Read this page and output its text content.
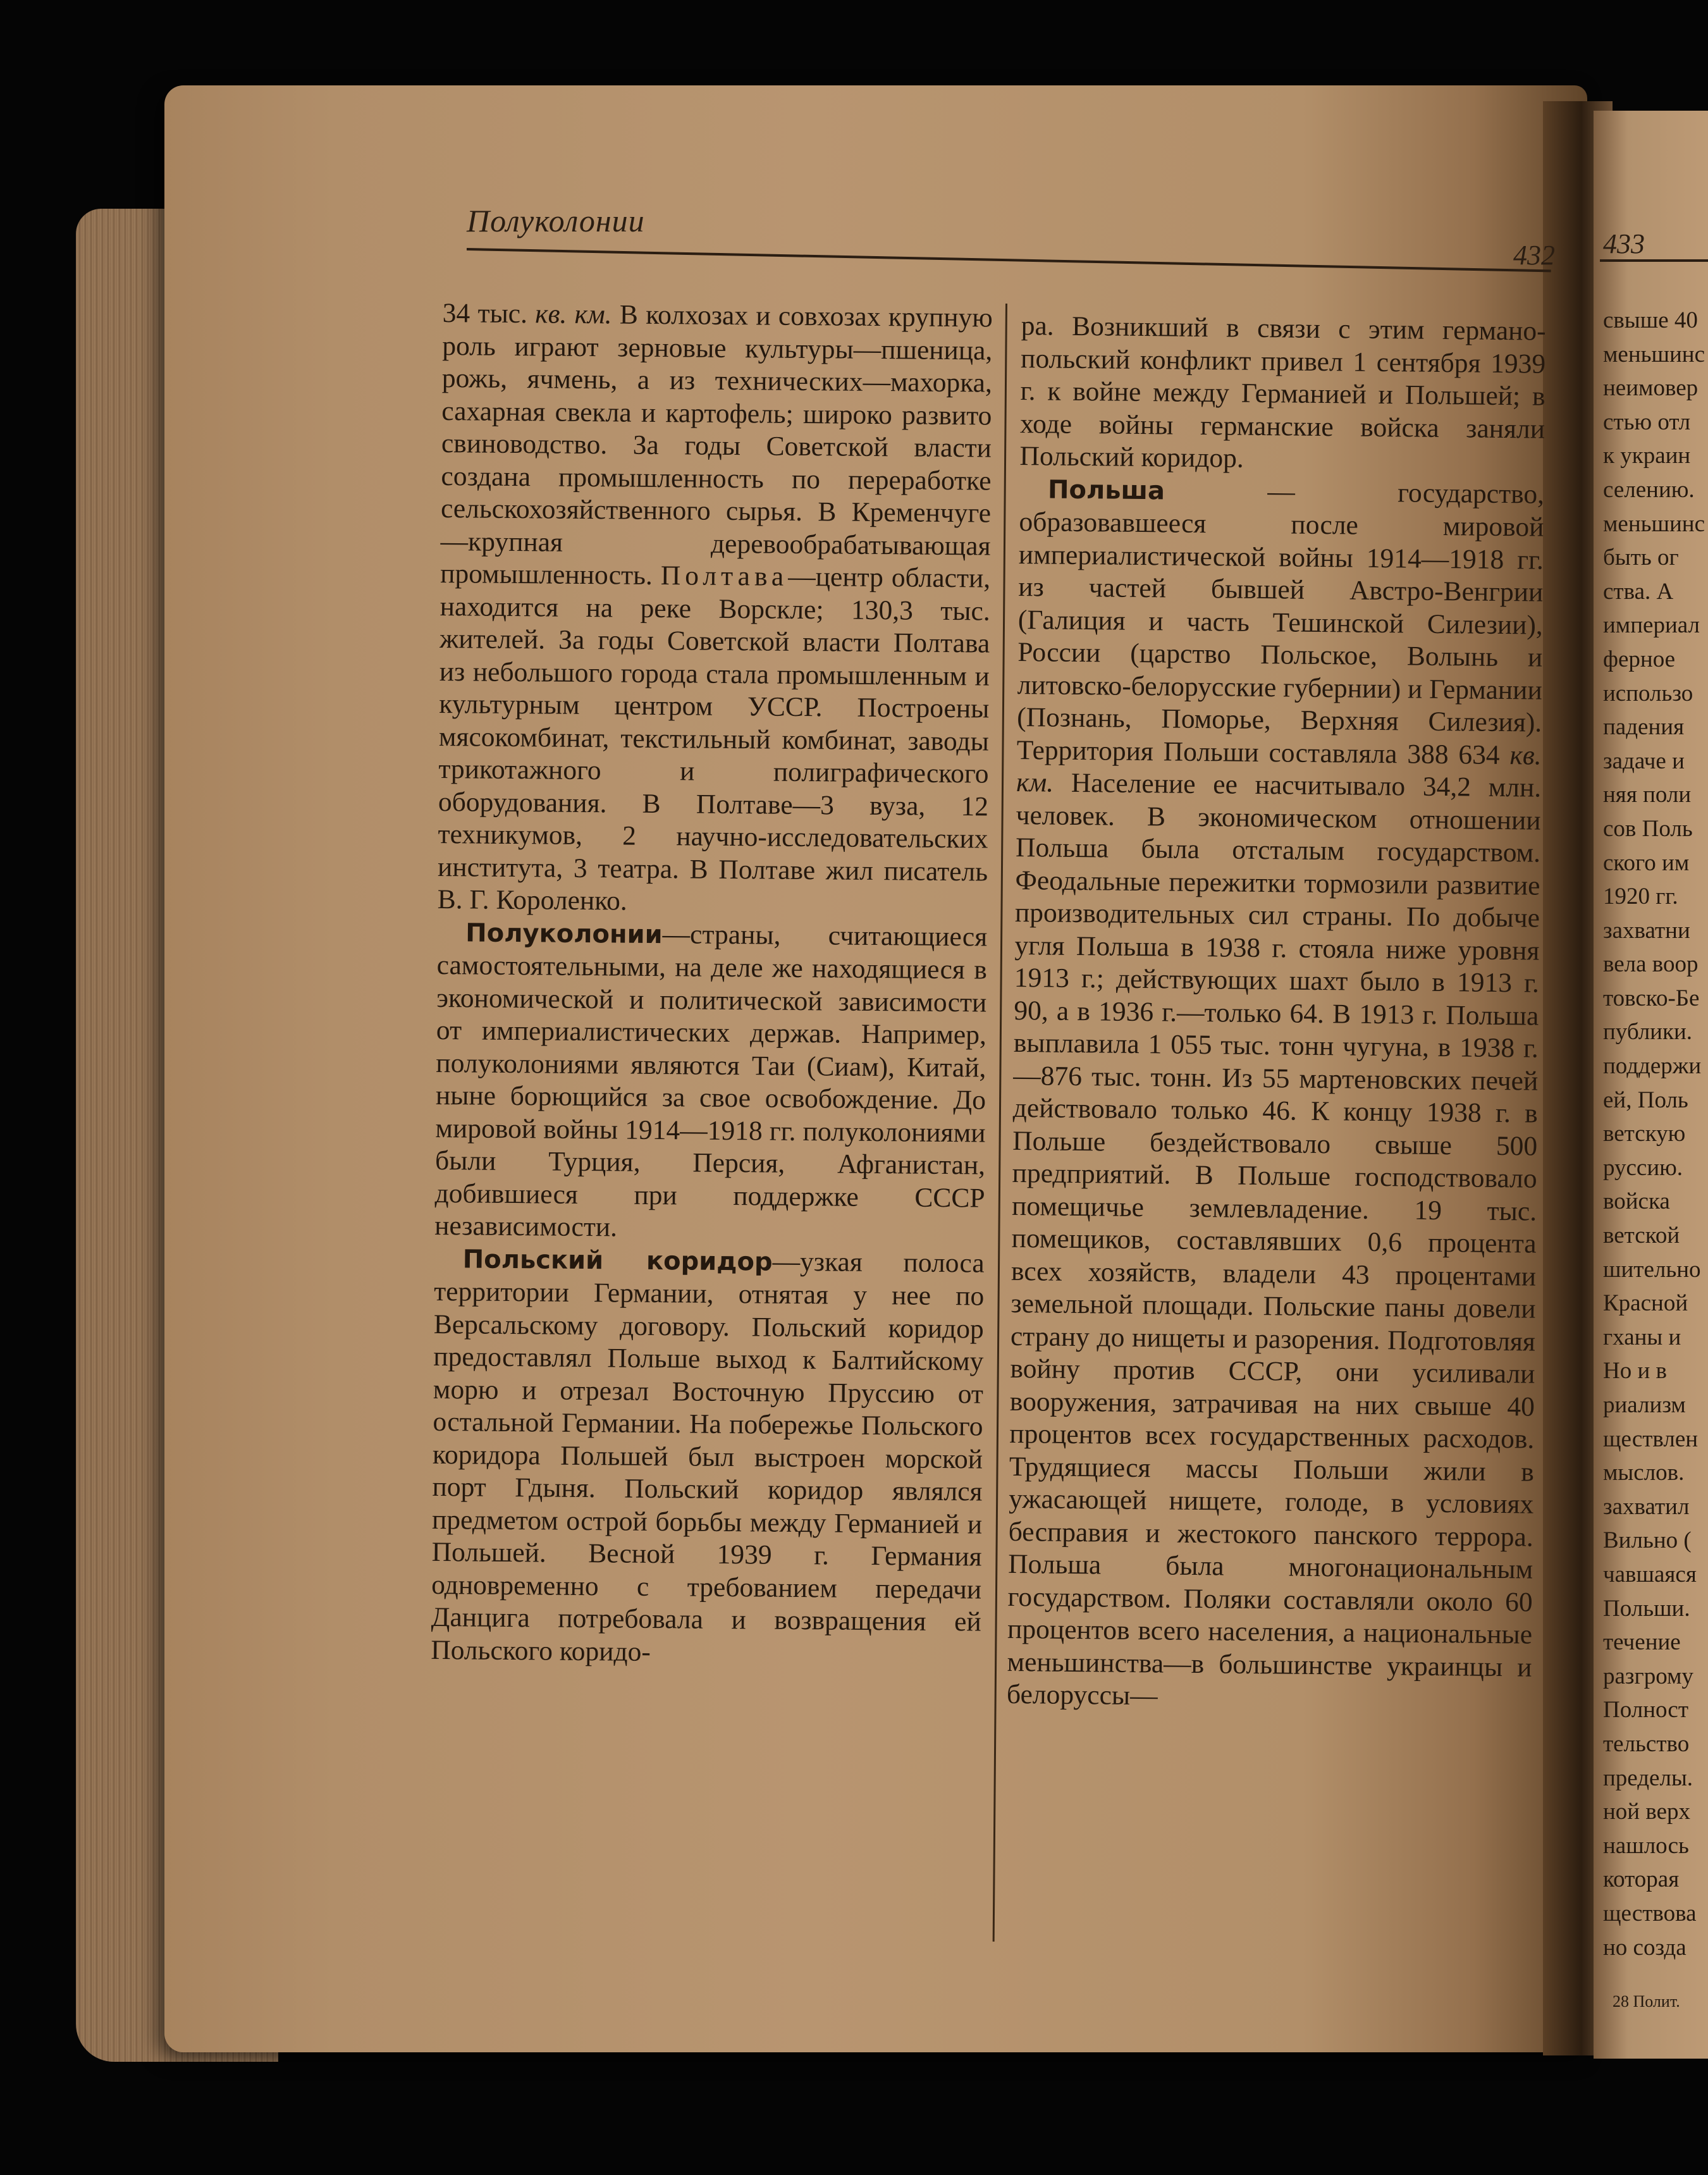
Полуколонии
432

34 тыс. кв. км. В колхозах и совхозах крупную роль играют зерновые культуры—пшеница, рожь, ячмень, а из технических—махорка, сахарная свекла и картофель; широко развито свиноводство. За годы Советской власти создана промышленность по переработке сельскохозяйственного сырья. В Кременчуге—крупная деревообрабатывающая промышленность. Полтава—центр области, находится на реке Ворскле; 130,3 тыс. жителей. За годы Советской власти Полтава из небольшого города стала промышленным и культурным центром УССР. Построены мясокомбинат, текстильный комбинат, заводы трикотажного и полиграфического оборудования. В Полтаве—3 вуза, 12 техникумов, 2 научно-исследовательских института, 3 театра. В Полтаве жил писатель В. Г. Короленко.

Полуколонии—страны, считающиеся самостоятельными, на деле же находящиеся в экономической и политической зависимости от империалистических держав. Например, полуколониями являются Таи (Сиам), Китай, ныне борющийся за свое освобождение. До мировой войны 1914—1918 гг. полуколониями были Турция, Персия, Афганистан, добившиеся при поддержке СССР независимости.

Польский коридор—узкая полоса территории Германии, отнятая у нее по Версальскому договору. Польский коридор предоставлял Польше выход к Балтийскому морю и отрезал Восточную Пруссию от остальной Германии. На побережье Польского коридора Польшей был выстроен морской порт Гдыня. Польский коридор являлся предметом острой борьбы между Германией и Польшей. Весной 1939 г. Германия одновременно с требованием передачи Данцига потребовала и возвращения ей Польского коридо-

ра. Возникший в связи с этим германо-польский конфликт привел 1 сентября 1939 г. к войне между Германией и Польшей; в ходе войны германские войска заняли Польский коридор.

Польша — государство, образовавшееся после мировой империалистической войны 1914—1918 гг. из частей бывшей Австро-Венгрии (Галиция и часть Тешинской Силезии), России (царство Польское, Волынь и литовско-белорусские губернии) и Германии (Познань, Поморье, Верхняя Силезия). Территория Польши составляла 388 634 кв. км. Население ее насчитывало 34,2 млн. человек. В экономическом отношении Польша была отсталым государством. Феодальные пережитки тормозили развитие производительных сил страны. По добыче угля Польша в 1938 г. стояла ниже уровня 1913 г.; действующих шахт было в 1913 г. 90, а в 1936 г.—только 64. В 1913 г. Польша выплавила 1 055 тыс. тонн чугуна, в 1938 г.—876 тыс. тонн. Из 55 мартеновских печей действовало только 46. К концу 1938 г. в Польше бездействовало свыше 500 предприятий. В Польше господствовало помещичье землевладение. 19 тыс. помещиков, составлявших 0,6 процента всех хозяйств, владели 43 процентами земельной площади. Польские паны довели страну до нищеты и разорения. Подготовляя войну против СССР, они усиливали вооружения, затрачивая на них свыше 40 процентов всех государственных расходов. Трудящиеся массы Польши жили в ужасающей нищете, голоде, в условиях бесправия и жестокого панского террора. Польша была многонациональным государством. Поляки составляли около 60 процентов всего населения, а национальные меньшинства—в большинстве украинцы и белоруссы—

433
свыше 40
меньшинс
неимовер
стью отл
к украин
селению.
меньшинс
быть ог
ства. А
империал
ферное
использо
падения
задаче и
няя поли
сов Поль
ского им
1920 гг.
захватни
вела воор
товско-Бе
публики.
поддержи
ей, Поль
ветскую
руссию.
войска
ветской
шительно
Красной
гханы и
Но и в
риализм
ществлен
мыслов.
захватил
Вильно (
чавшаяся
Польши.
течение
разгрому
Полност
тельство
пределы.
ной верх
нашлось
которая
ществова
но созда
28 Полит.
